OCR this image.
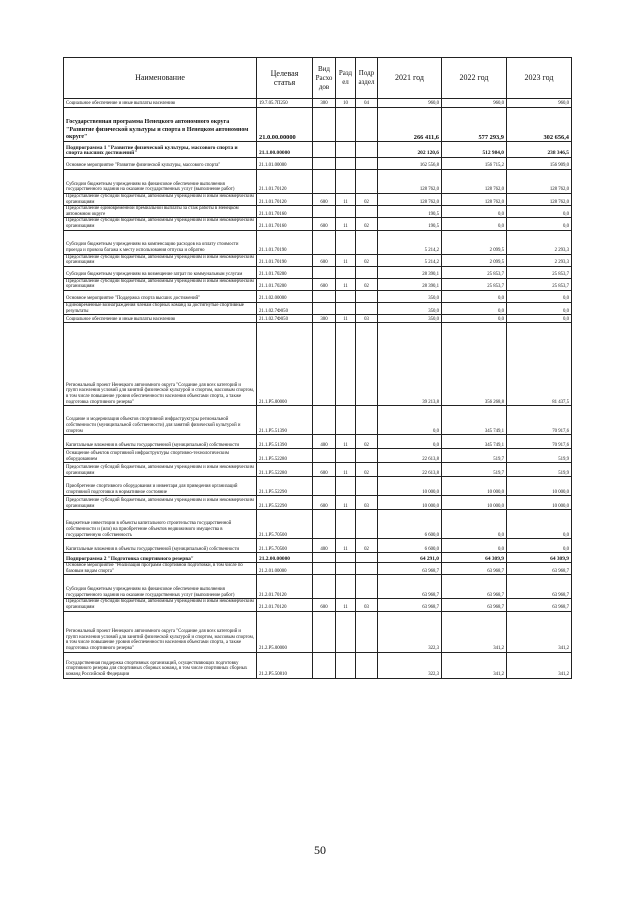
Наименование	Целевая статья	Вид Расхо дов	Разд ел	Подр аздел	2021 год	2022 год	2023 год
Социальное обеспечение и иные выплаты населению	19.7.05.7П250	300	10	04	960,0	960,0	960,0
Государственная программа Ненецкого автономного округа "Развитие физической культуры и спорта в Ненецком автономном округе"	21.0.00.00000				266 411,6	577 293,9	302 656,4
Подпрограмма 1 "Развитие физической культуры, массового спорта и спорта высших достижений"	21.1.00.00000				202 120,6	512 984,0	238 346,5
Основное мероприятие "Развитие физической культуры, массового спорта"	21.1.01.00000				162 556,8	156 715,2	156 909,0
Субсидии бюджетным учреждениям на финансовое обеспечение выполнения государственного задания на оказание государственных услуг (выполнение работ)	21.1.01.70120				128 762,0	128 762,0	128 762,0
Предоставление субсидий бюджетным, автономным учреждениям и иным некоммерческим организациям	21.1.01.70120	600	11	02	128 762,0	128 762,0	128 762,0
Предоставление единовременной премиальной выплаты за стаж работы в Ненецком автономном округе	21.1.01.70160				190,5	0,0	0,0
Предоставление субсидий бюджетным, автономным учреждениям и иным некоммерческим организациям	21.1.01.70160	600	11	02	190,5	0,0	0,0
Субсидии бюджетным учреждениям на компенсацию расходов на оплату стоимости проезда и провоза багажа к месту использования отпуска и обратно	21.1.01.70190				5 214,2	2 099,5	2 293,3
Предоставление субсидий бюджетным, автономным учреждениям и иным некоммерческим организациям	21.1.01.70190	600	11	02	5 214,2	2 099,5	2 293,3
Субсидии бюджетным учреждениям на возмещение затрат по коммунальным услугам	21.1.01.70200				28 390,1	25 853,7	25 853,7
Предоставление субсидий бюджетным, автономным учреждениям и иным некоммерческим организациям	21.1.01.70200	600	11	02	28 390,1	25 853,7	25 853,7
Основное мероприятие "Поддержка спорта высших достижений"	21.1.02.00000				350,0	0,0	0,0
Единовременные вознаграждения членам сборных команд за достигнутые спортивные результаты	21.1.02.7Ф050				350,0	0,0	0,0
Социальное обеспечение и иные выплаты населению	21.1.02.7Ф050	300	11	03	350,0	0,0	0,0
Региональный проект Ненецкого автономного округа "Создание для всех категорий и групп населения условий для занятий физической культурой и спортом, массовым спортом, в том числе повышение уровня обеспеченности населения объектами спорта, а также подготовка спортивного резерва"	21.1.P5.00000				39 213,8	356 268,8	81 437,5
Создание и модернизация объектов спортивной инфраструктуры региональной собственности (муниципальной собственности) для занятий физической культурой и спортом	21.1.P5.51390				0,0	345 749,1	70 917,6
Капитальные вложения в объекты государственной (муниципальной) собственности	21.1.P5.51390	400	11	02	0,0	345 749,1	70 917,6
Оснащение объектов спортивной инфраструктуры спортивно-технологическим оборудованием	21.1.P5.52280				22 613,8	519,7	519,9
Предоставление субсидий бюджетным, автономным учреждениям и иным некоммерческим организациям	21.1.P5.52280	600	11	02	22 613,8	519,7	519,9
Приобретение спортивного оборудования и инвентаря для приведения организаций спортивной подготовки в нормативное состояние	21.1.P5.52290				10 000,0	10 000,0	10 000,0
Предоставление субсидий бюджетным, автономным учреждениям и иным некоммерческим организациям	21.1.P5.52290	600	11	03	10 000,0	10 000,0	10 000,0
Бюджетные инвестиции в объекты капитального строительства государственной собственности и (или) на приобретение объектов недвижимого имущества в государственную собственность	21.1.P5.70500				6 600,0	0,0	0,0
Капитальные вложения в объекты государственной (муниципальной) собственности	21.1.P5.70500	400	11	02	6 600,0	0,0	0,0
Подпрограмма 2 "Подготовка спортивного резерва"	21.2.00.00000				64 291,0	64 309,9	64 309,9
Основное мероприятие "Реализация программ спортивной подготовки, в том числе по базовым видам спорта"	21.2.01.00000				63 968,7	63 968,7	63 968,7
Субсидии бюджетным учреждениям на финансовое обеспечение выполнения государственного задания на оказание государственных услуг (выполнение работ)	21.2.01.70120				63 968,7	63 968,7	63 968,7
Предоставление субсидий бюджетным, автономным учреждениям и иным некоммерческим организациям	21.2.01.70120	600	11	03	63 968,7	63 968,7	63 968,7
Региональный проект Ненецкого автономного округа "Создание для всех категорий и групп населения условий для занятий физической культурой и спортом, массовым спортом, в том числе повышение уровня обеспеченности населения объектами спорта, а также подготовка спортивного резерва"	21.2.P5.00000				322,3	341,2	341,2
Государственная поддержка спортивных организаций, осуществляющих подготовку спортивного резерва для спортивных сборных команд, в том числе спортивных сборных команд Российской Федерации	21.2.P5.50810				322,3	341,2	341,2
50
